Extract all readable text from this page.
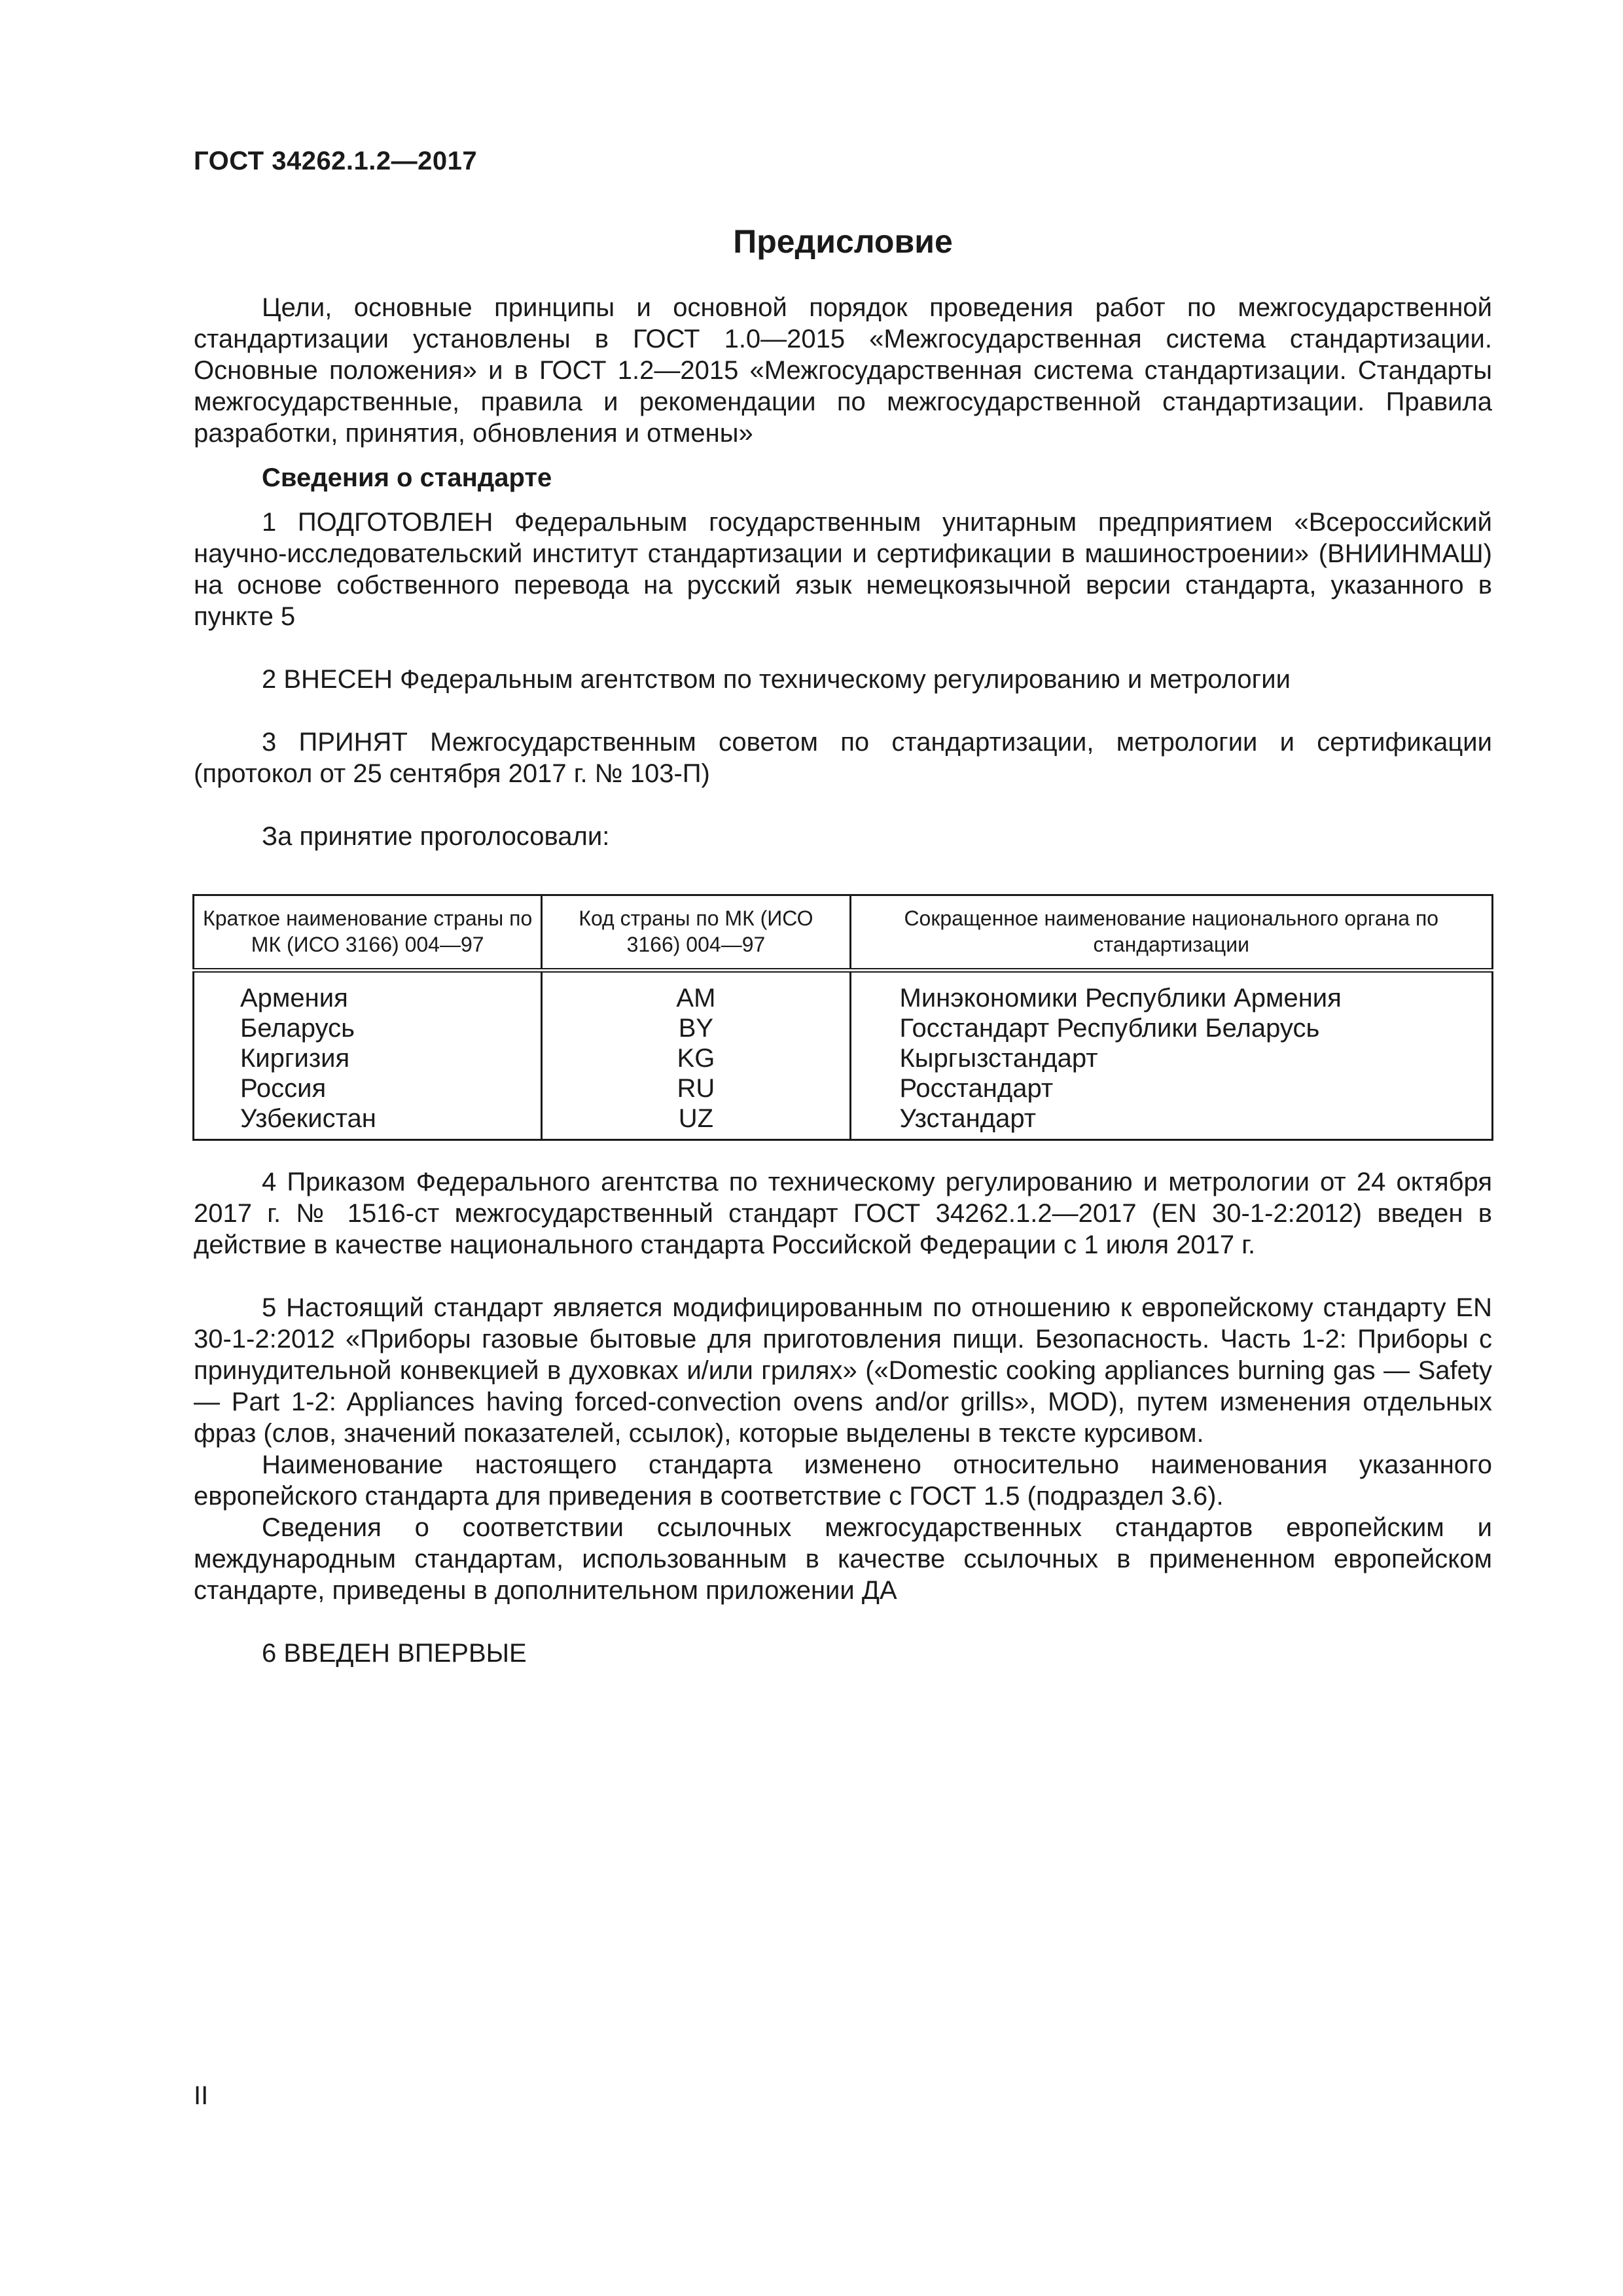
ГОСТ 34262.1.2—2017
Предисловие

Цели, основные принципы и основной порядок проведения работ по межгосударственной стандартизации установлены в ГОСТ 1.0—2015 «Межгосударственная система стандартизации. Основные положения» и в ГОСТ 1.2—2015 «Межгосударственная система стандартизации. Стандарты межгосударственные, правила и рекомендации по межгосударственной стандартизации. Правила разработки, принятия, обновления и отмены»

Сведения о стандарте

1 ПОДГОТОВЛЕН Федеральным государственным унитарным предприятием «Всероссийский научно-исследовательский институт стандартизации и сертификации в машиностроении» (ВНИИНМАШ) на основе собственного перевода на русский язык немецкоязычной версии стандарта, указанного в пункте 5

2 ВНЕСЕН Федеральным агентством по техническому регулированию и метрологии

3 ПРИНЯТ Межгосударственным советом по стандартизации, метрологии и сертификации (протокол от 25 сентября 2017 г. № 103-П)

За принятие проголосовали:

Краткое наименование страны по МК (ИСО 3166) 004—97	Код страны по МК (ИСО 3166) 004—97	Сокращенное наименование национального органа по стандартизации
Армения	AM	Минэкономики Республики Армения
Беларусь	BY	Госстандарт Республики Беларусь
Киргизия	KG	Кыргызстандарт
Россия	RU	Росстандарт
Узбекистан	UZ	Узстандарт

4 Приказом Федерального агентства по техническому регулированию и метрологии от 24 октября 2017 г. № 1516-ст межгосударственный стандарт ГОСТ 34262.1.2—2017 (EN 30-1-2:2012) введен в действие в качестве национального стандарта Российской Федерации с 1 июля 2017 г.

5 Настоящий стандарт является модифицированным по отношению к европейскому стандарту EN 30-1-2:2012 «Приборы газовые бытовые для приготовления пищи. Безопасность. Часть 1-2: Приборы с принудительной конвекцией в духовках и/или грилях» («Domestic cooking appliances burning gas — Safety — Part 1-2: Appliances having forced-convection ovens and/or grills», MOD), путем изменения отдельных фраз (слов, значений показателей, ссылок), которые выделены в тексте курсивом.

Наименование настоящего стандарта изменено относительно наименования указанного европейского стандарта для приведения в соответствие с ГОСТ 1.5 (подраздел 3.6).

Сведения о соответствии ссылочных межгосударственных стандартов европейским и международным стандартам, использованным в качестве ссылочных в примененном европейском стандарте, приведены в дополнительном приложении ДА

6 ВВЕДЕН ВПЕРВЫЕ

II
